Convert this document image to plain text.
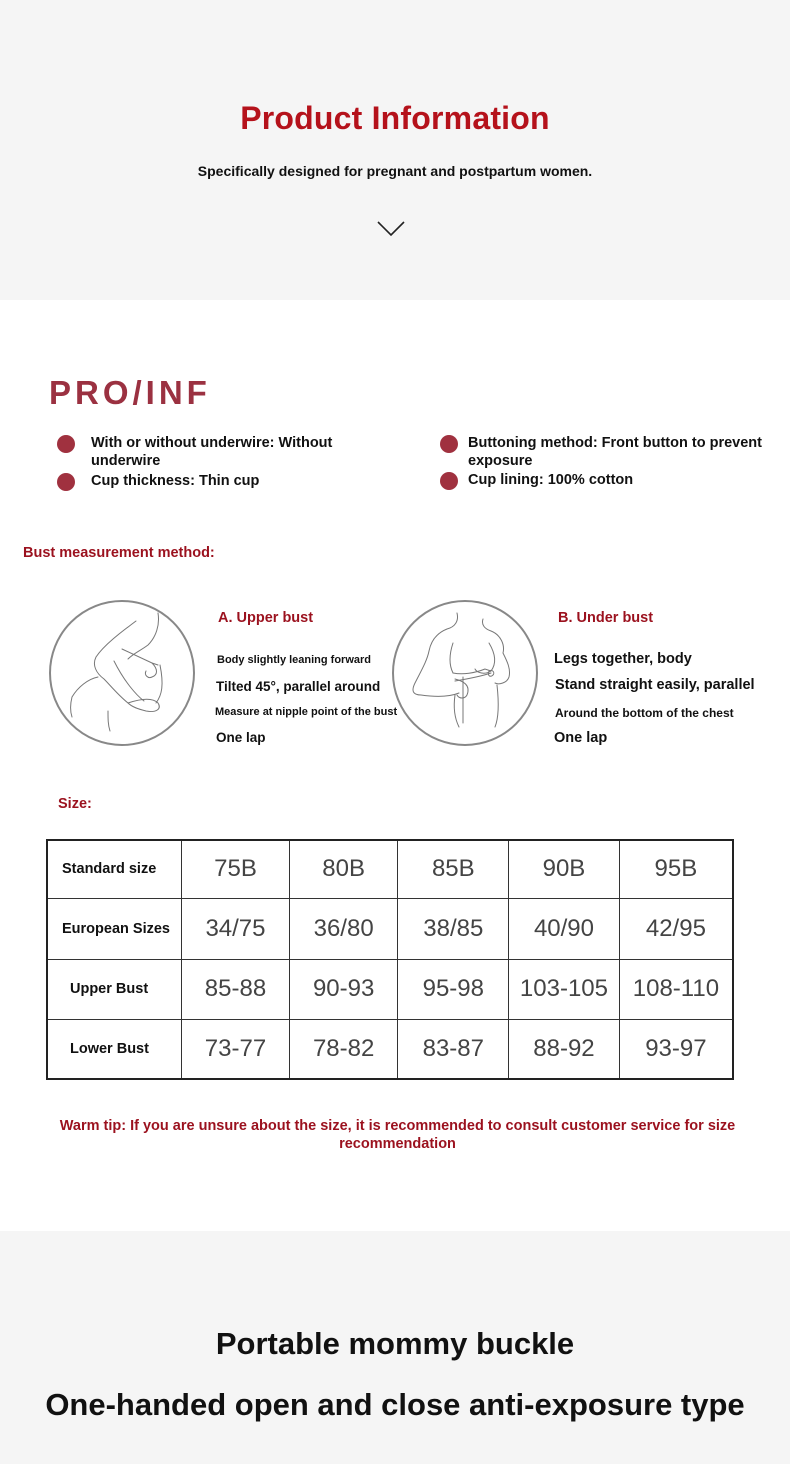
Product Information
Specifically designed for pregnant and postpartum women.
PRO/INF
With or without underwire: Without underwire
Cup thickness: Thin cup
Buttoning method: Front button to prevent exposure
Cup lining: 100% cotton
Bust measurement method:
A. Upper bust
Body slightly leaning forward
Tilted 45°, parallel around
Measure at nipple point of the bust
One lap
B. Under bust
Legs together, body
Stand straight easily, parallel
Around the bottom of the chest
One lap
Size:
Standard size	75B	80B	85B	90B	95B
European Sizes	34/75	36/80	38/85	40/90	42/95
Upper Bust	85-88	90-93	95-98	103-105	108-110
Lower Bust	73-77	78-82	83-87	88-92	93-97
Warm tip: If you are unsure about the size, it is recommended to consult customer service for size recommendation
Portable mommy buckle
One-handed open and close anti-exposure type
